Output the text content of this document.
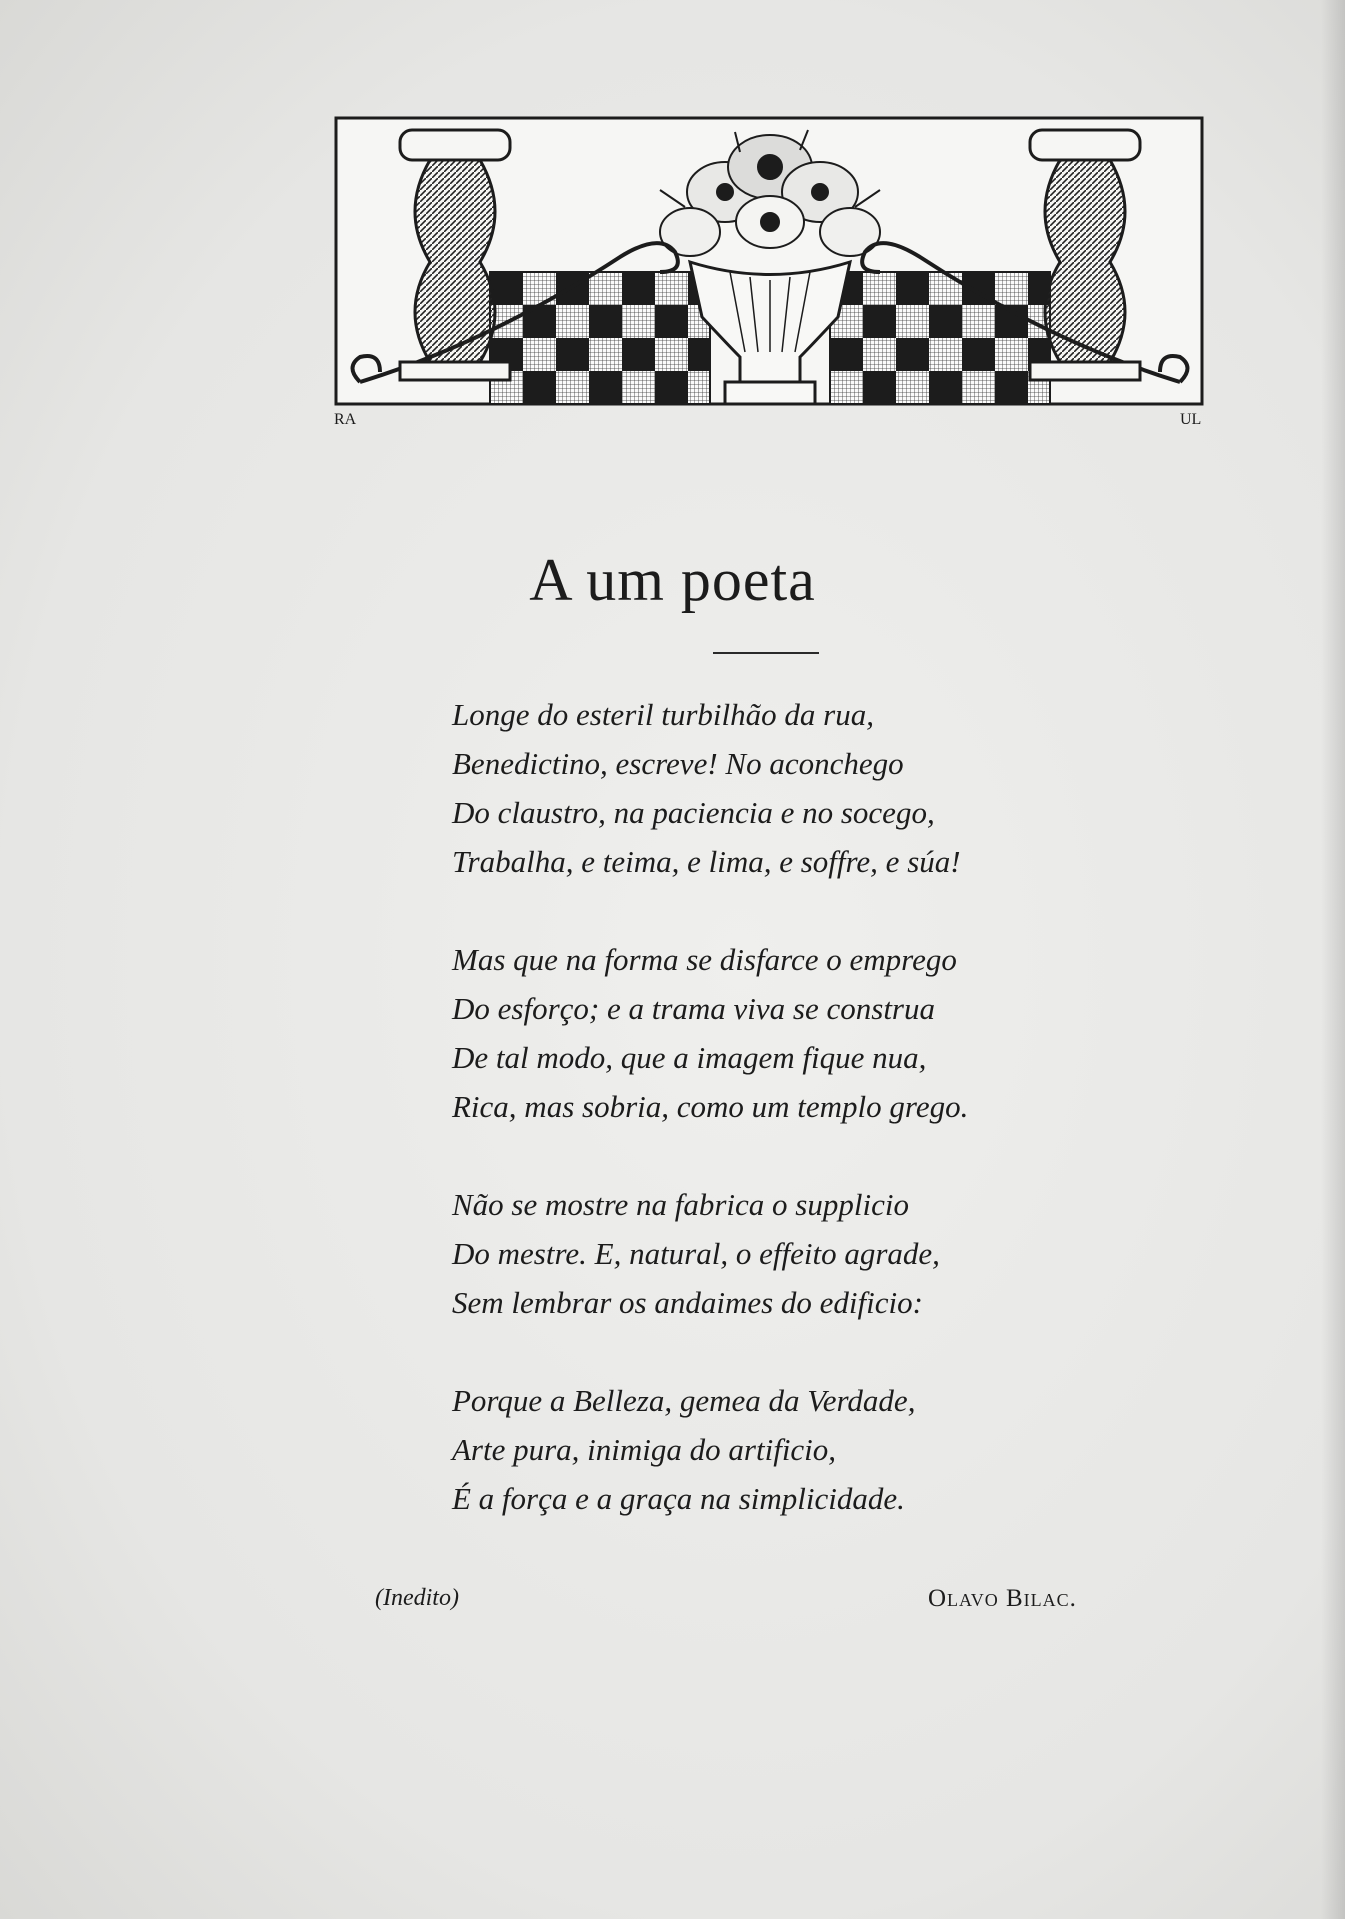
RA	UL
A um poeta
Longe do esteril turbilhão da rua,
Benedictino, escreve! No aconchego
Do claustro, na paciencia e no socego,
Trabalha, e teima, e lima, e soffre, e súa!
Mas que na forma se disfarce o emprego
Do esforço; e a trama viva se construa
De tal modo, que a imagem fique nua,
Rica, mas sobria, como um templo grego.
Não se mostre na fabrica o supplicio
Do mestre. E, natural, o effeito agrade,
Sem lembrar os andaimes do edificio:
Porque a Belleza, gemea da Verdade,
Arte pura, inimiga do artificio,
É a força e a graça na simplicidade.
(Inedito)	Olavo Bilac.
